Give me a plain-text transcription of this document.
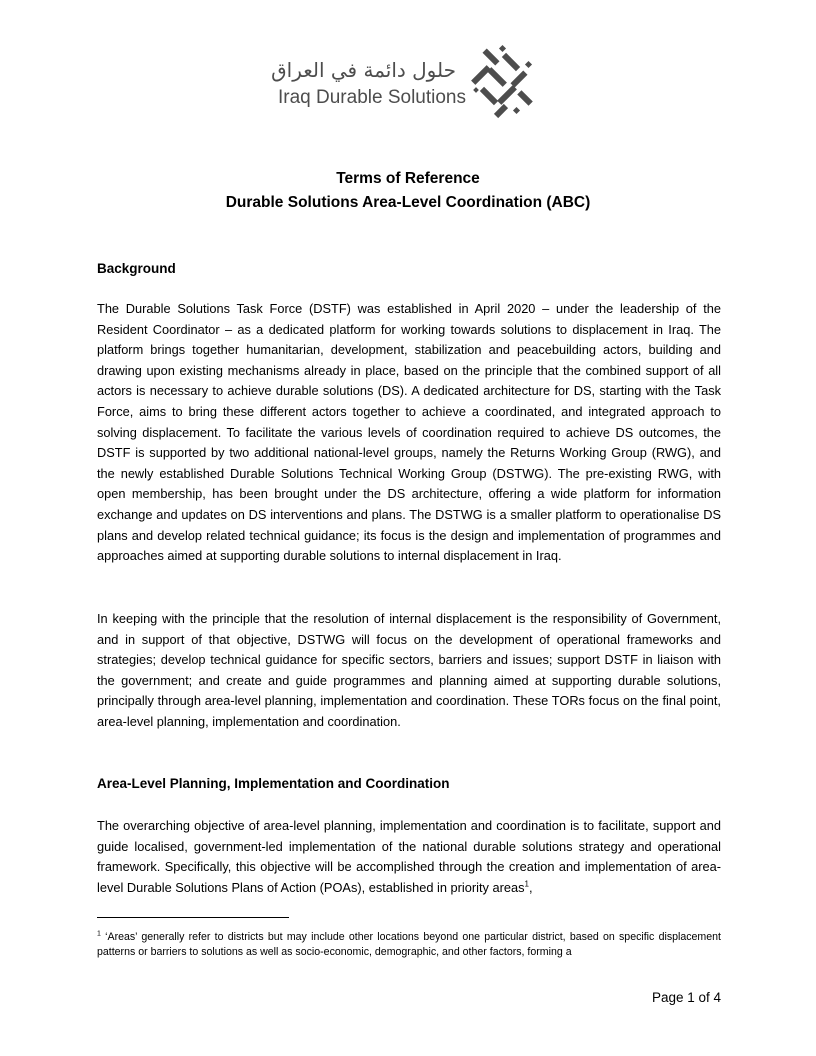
حلول دائمة في العراق
Iraq Durable Solutions
Terms of Reference
Durable Solutions Area-Level Coordination (ABC)
Background

The Durable Solutions Task Force (DSTF) was established in April 2020 – under the leadership of the Resident Coordinator – as a dedicated platform for working towards solutions to displacement in Iraq. The platform brings together humanitarian, development, stabilization and peacebuilding actors, building and drawing upon existing mechanisms already in place, based on the principle that the combined support of all actors is necessary to achieve durable solutions (DS). A dedicated architecture for DS, starting with the Task Force, aims to bring these different actors together to achieve a coordinated, and integrated approach to solving displacement. To facilitate the various levels of coordination required to achieve DS outcomes, the DSTF is supported by two additional national-level groups, namely the Returns Working Group (RWG), and the newly established Durable Solutions Technical Working Group (DSTWG). The pre-existing RWG, with open membership, has been brought under the DS architecture, offering a wide platform for information exchange and updates on DS interventions and plans. The DSTWG is a smaller platform to operationalise DS plans and develop related technical guidance; its focus is the design and implementation of programmes and approaches aimed at supporting durable solutions to internal displacement in Iraq.

In keeping with the principle that the resolution of internal displacement is the responsibility of Government, and in support of that objective, DSTWG will focus on the development of operational frameworks and strategies; develop technical guidance for specific sectors, barriers and issues; support DSTF in liaison with the government; and create and guide programmes and planning aimed at supporting durable solutions, principally through area-level planning, implementation and coordination. These TORs focus on the final point, area-level planning, implementation and coordination.

Area-Level Planning, Implementation and Coordination

The overarching objective of area-level planning, implementation and coordination is to facilitate, support and guide localised, government-led implementation of the national durable solutions strategy and operational framework. Specifically, this objective will be accomplished through the creation and implementation of area-level Durable Solutions Plans of Action (POAs), established in priority areas$^1$,

$^1$ ‘Areas’ generally refer to districts but may include other locations beyond one particular district, based on specific displacement patterns or barriers to solutions as well as socio-economic, demographic, and other factors, forming a

Page 1 of 4
